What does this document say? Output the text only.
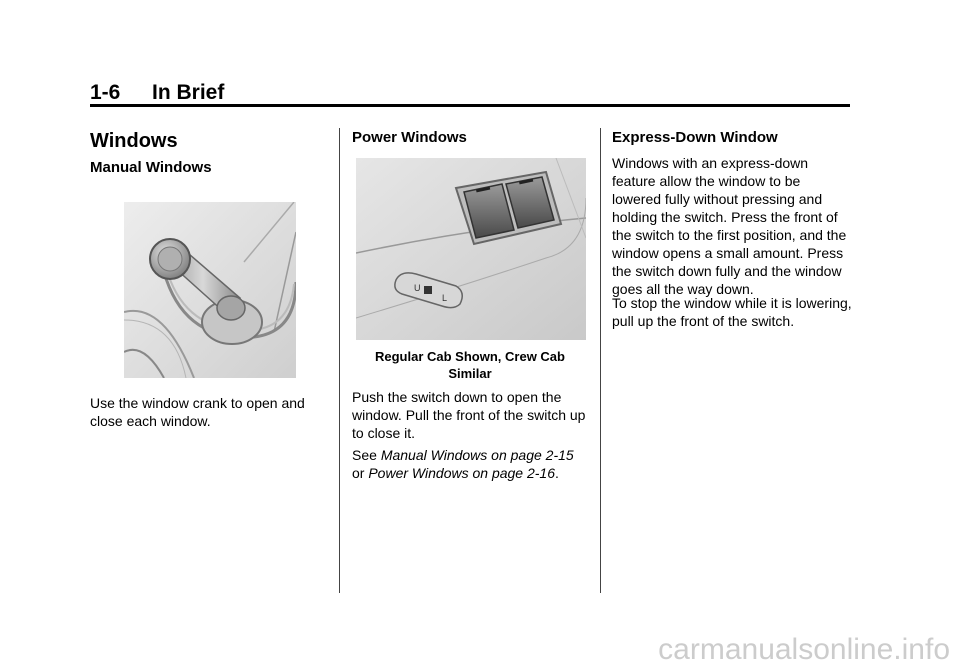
1-6 In Brief
Windows
Manual Windows

Use the window crank to open and close each window.

Power Windows
U
L

Regular Cab Shown, Crew Cab Similar

Push the switch down to open the window. Pull the front of the switch up to close it.

See Manual Windows on page 2-15
or Power Windows on page 2-16.

Express-Down Window

Windows with an express-down feature allow the window to be lowered fully without pressing and holding the switch. Press the front of the switch to the first position, and the window opens a small amount. Press the switch down fully and the window goes all the way down.

To stop the window while it is lowering, pull up the front of the switch.

carmanualsonline.info
